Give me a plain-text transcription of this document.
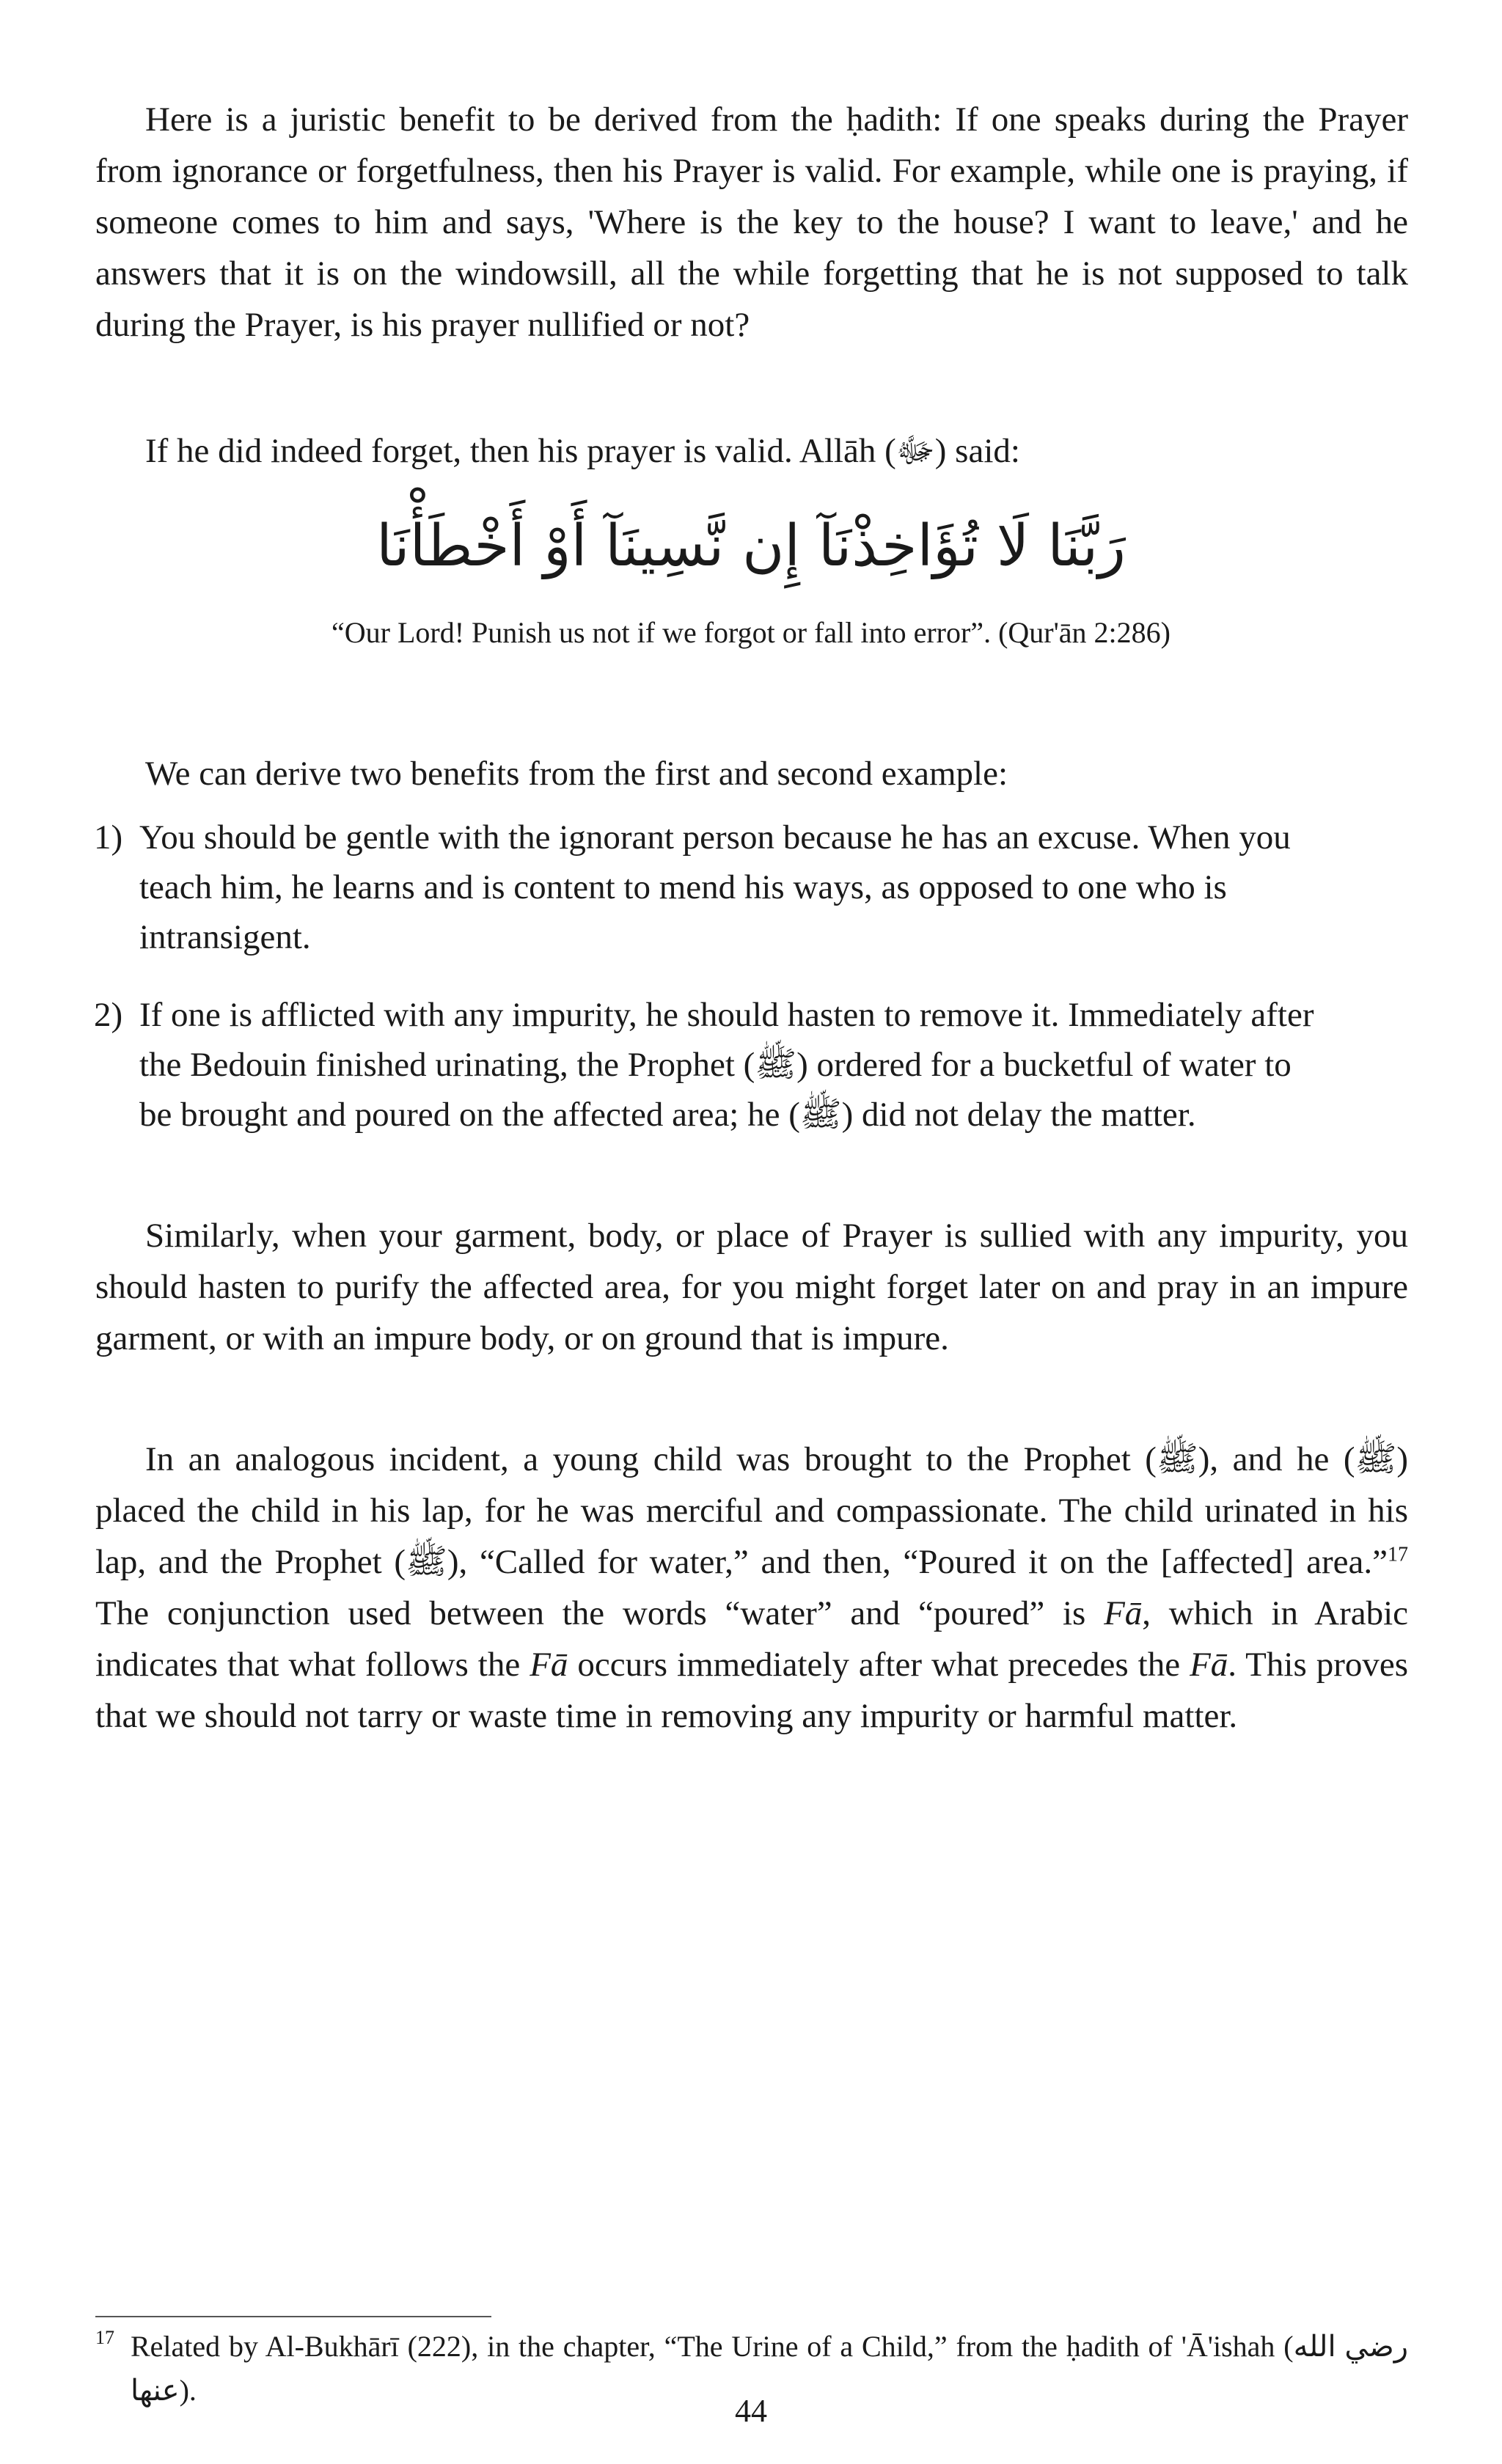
Here is a juristic benefit to be derived from the ḥadith: If one speaks during the Prayer from ignorance or forgetfulness, then his Prayer is valid. For example, while one is praying, if someone comes to him and says, 'Where is the key to the house? I want to leave,' and he answers that it is on the windowsill, all the while forgetting that he is not supposed to talk during the Prayer, is his prayer nullified or not?

If he did indeed forget, then his prayer is valid. Allāh (ﷻ) said:

رَبَّنَا لَا تُؤَاخِذْنَآ إِن نَّسِينَآ أَوْ أَخْطَأْنَا
“Our Lord! Punish us not if we forgot or fall into error”. (Qur'ān 2:286)

We can derive two benefits from the first and second example:

1) You should be gentle with the ignorant person because he has an excuse. When you teach him, he learns and is content to mend his ways, as opposed to one who is intransigent.
2) If one is afflicted with any impurity, he should hasten to remove it. Immediately after the Bedouin finished urinating, the Prophet (ﷺ) ordered for a bucketful of water to be brought and poured on the affected area; he (ﷺ) did not delay the matter.

Similarly, when your garment, body, or place of Prayer is sullied with any impurity, you should hasten to purify the affected area, for you might forget later on and pray in an impure garment, or with an impure body, or on ground that is impure.

In an analogous incident, a young child was brought to the Prophet (ﷺ), and he (ﷺ) placed the child in his lap, for he was merciful and compassionate. The child urinated in his lap, and the Prophet (ﷺ), “Called for water,” and then, “Poured it on the [affected] area.”$^{17}$ The conjunction used between the words “water” and “poured” is Fā, which in Arabic indicates that what follows the Fā occurs immediately after what precedes the Fā. This proves that we should not tarry or waste time in removing any impurity or harmful matter.

17 Related by Al-Bukhārī (222), in the chapter, “The Urine of a Child,” from the ḥadith of 'Ā'ishah (رضي الله عنها).
44
